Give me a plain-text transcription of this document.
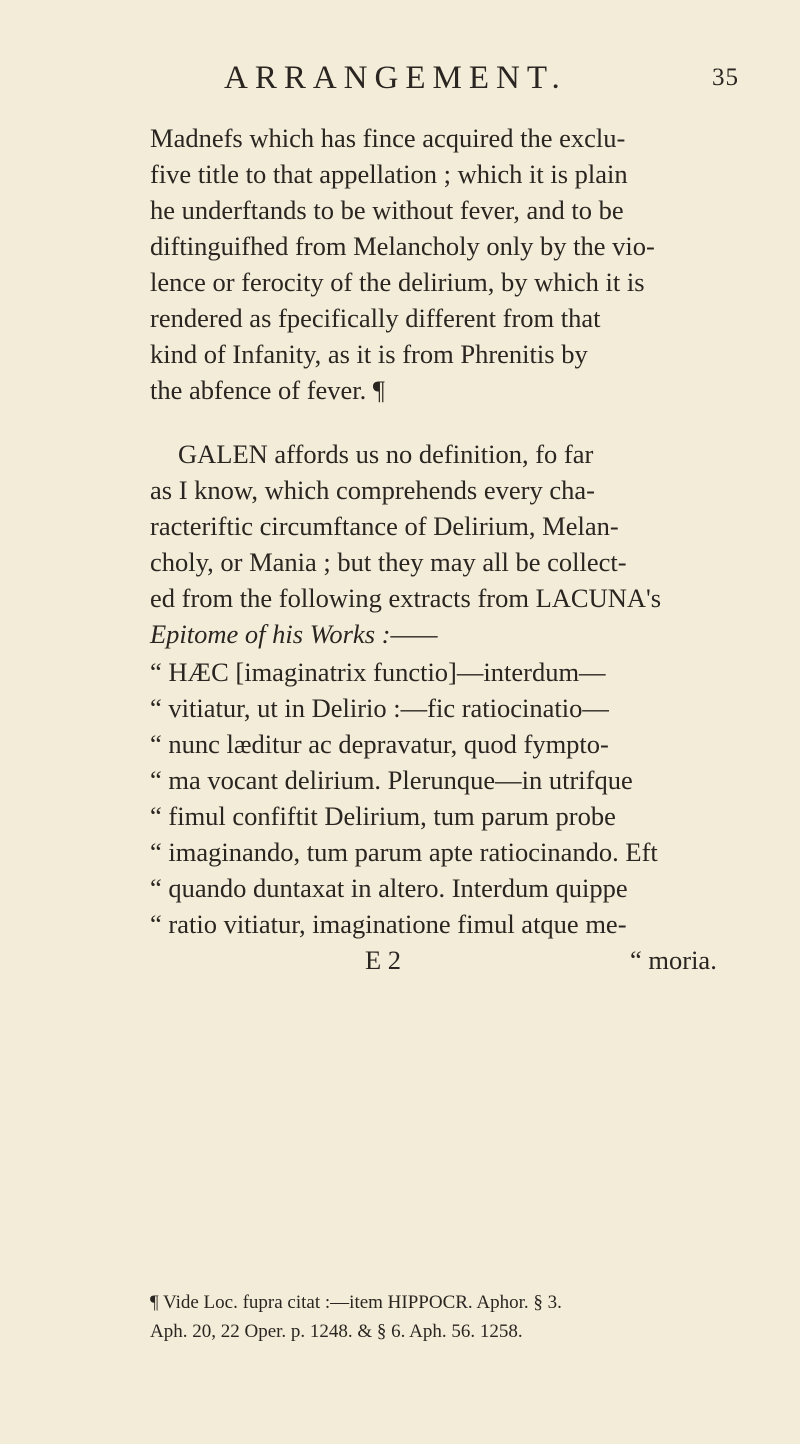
ARRANGEMENT.	35
Madnefs which has fince acquired the exclu-
five title to that appellation ; which it is plain
he underftands to be without fever, and to be
diftinguifhed from Melancholy only by the vio-
lence or ferocity of the delirium, by which it is
rendered as fpecifically different from that
kind of Infanity, as it is from Phrenitis by
the abfence of fever. ¶
GALEN affords us no definition, fo far
as I know, which comprehends every cha-
racteriftic circumftance of Delirium, Melan-
choly, or Mania ; but they may all be collect-
ed from the following extracts from LACUNA's
Epitome of his Works :——
“ HÆC [imaginatrix functio]—interdum—
“ vitiatur, ut in Delirio :—fic ratiocinatio—
“ nunc læditur ac depravatur, quod fympto-
“ ma vocant delirium. Plerunque—in utrifque
“ fimul confiftit Delirium, tum parum probe
“ imaginando, tum parum apte ratiocinando. Eft
“ quando duntaxat in altero. Interdum quippe
“ ratio vitiatur, imaginatione fimul atque me-
E 2	“ moria.
¶ Vide Loc. fupra citat :—item HIPPOCR. Aphor. § 3.
Aph. 20, 22 Oper. p. 1248. & § 6. Aph. 56. 1258.
